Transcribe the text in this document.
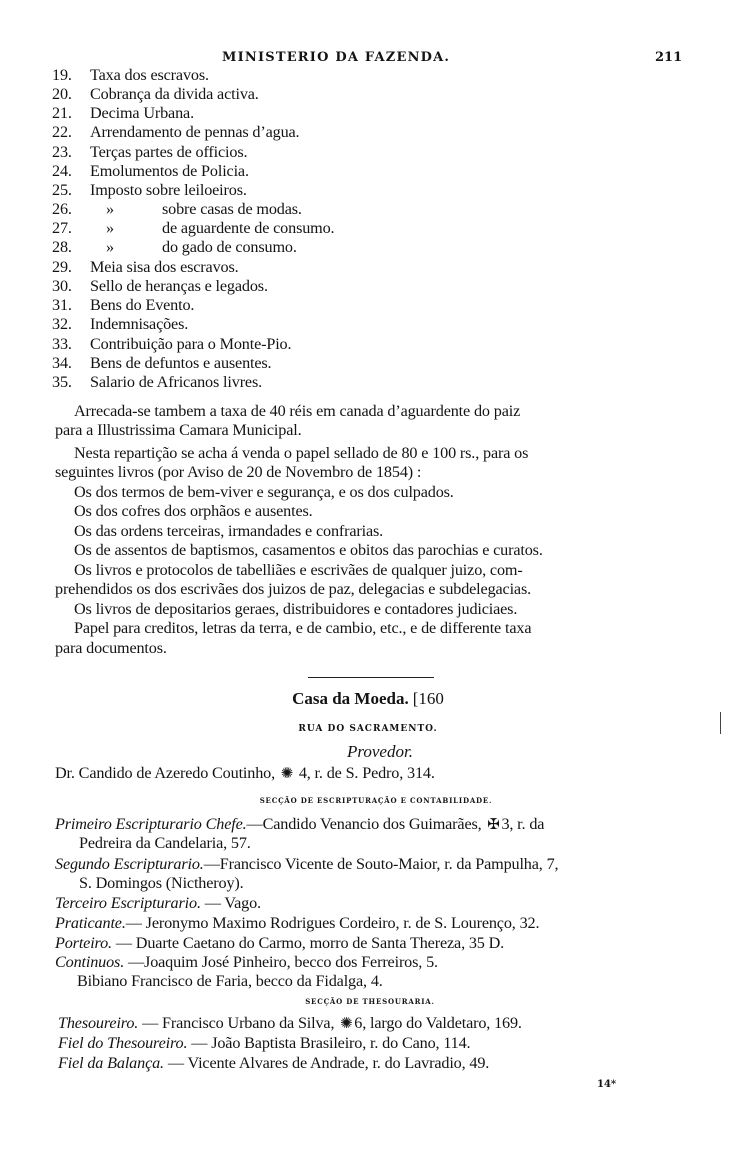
MINISTERIO DA FAZENDA.	211
19. Taxa dos escravos.
20. Cobrança da divida activa.
21. Decima Urbana.
22. Arrendamento de pennas d’agua.
23. Terças partes de officios.
24. Emolumentos de Policia.
25. Imposto sobre leiloeiros.
26. »	sobre casas de modas.
27. »	de aguardente de consumo.
28. »	do gado de consumo.
29. Meia sisa dos escravos.
30. Sello de heranças e legados.
31. Bens do Evento.
32. Indemnisações.
33. Contribuição para o Monte-Pio.
34. Bens de defuntos e ausentes.
35. Salario de Africanos livres.
Arrecada-se tambem a taxa de 40 réis em canada d’aguardente do paiz
para a Illustrissima Camara Municipal.
Nesta repartição se acha á venda o papel sellado de 80 e 100 rs., para os
seguintes livros (por Aviso de 20 de Novembro de 1854) :
Os dos termos de bem-viver e segurança, e os dos culpados.
Os dos cofres dos orphãos e ausentes.
Os das ordens terceiras, irmandades e confrarias.
Os de assentos de baptismos, casamentos e obitos das parochias e curatos.
Os livros e protocolos de tabelliães e escrivães de qualquer juizo, com-
prehendidos os dos escrivães dos juizos de paz, delegacias e subdelegacias.
Os livros de depositarios geraes, distribuidores e contadores judiciaes.
Papel para creditos, letras da terra, e de cambio, etc., e de differente taxa
para documentos.
Casa da Moeda. [160
RUA DO SACRAMENTO.
Provedor.
Dr. Candido de Azeredo Coutinho, ✺ 4, r. de S. Pedro, 314.
SECÇÃO DE ESCRIPTURAÇÃO E CONTABILIDADE.
Primeiro Escripturario Chefe.—Candido Venancio dos Guimarães, ✠ 3, r. da
Pedreira da Candelaria, 57.
Segundo Escripturario.—Francisco Vicente de Souto-Maior, r. da Pampulha, 7,
S. Domingos (Nictheroy).
Terceiro Escripturario. — Vago.
Praticante.— Jeronymo Maximo Rodrigues Cordeiro, r. de S. Lourenço, 32.
Porteiro. — Duarte Caetano do Carmo, morro de Santa Thereza, 35 D.
Continuos. —Joaquim José Pinheiro, becco dos Ferreiros, 5.
Bibiano Francisco de Faria, becco da Fidalga, 4.
SECÇÃO DE THESOURARIA.
Thesoureiro. — Francisco Urbano da Silva, ✺ 6, largo do Valdetaro, 169.
Fiel do Thesoureiro. — João Baptista Brasileiro, r. do Cano, 114.
Fiel da Balança. — Vicente Alvares de Andrade, r. do Lavradio, 49.
14*
